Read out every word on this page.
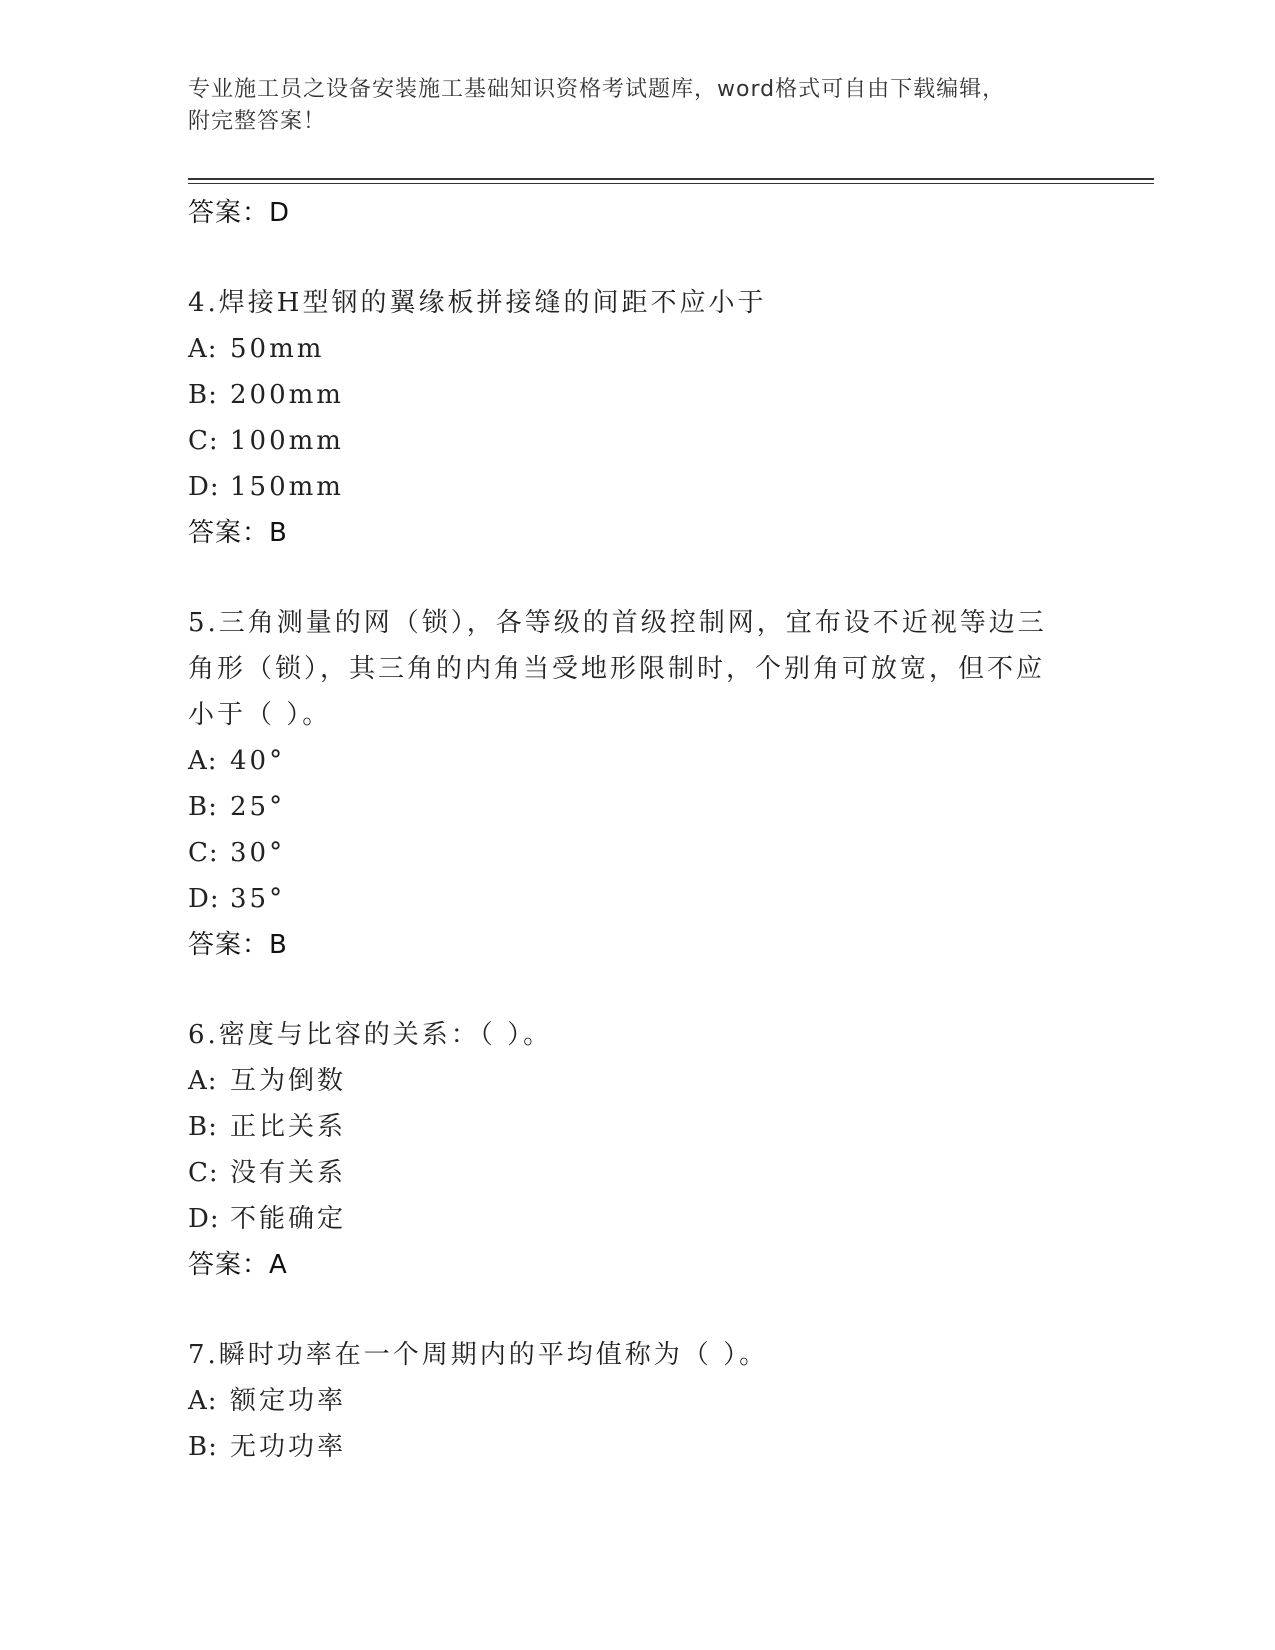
专业施工员之设备安装施工基础知识资格考试题库，word格式可自由下载编辑，
附完整答案！
答案：D
4.焊接H型钢的翼缘板拼接缝的间距不应小于
A: 50mm
B: 200mm
C: 100mm
D: 150mm
答案：B
5.三角测量的网（锁），各等级的首级控制网，宜布设不近视等边三角形（锁），其三角的内角当受地形限制时，个别角可放宽，但不应小于（ ）。
A: 40°
B: 25°
C: 30°
D: 35°
答案：B
6.密度与比容的关系：（ ）。
A: 互为倒数
B: 正比关系
C: 没有关系
D: 不能确定
答案：A
7.瞬时功率在一个周期内的平均值称为（ ）。
A: 额定功率
B: 无功功率
